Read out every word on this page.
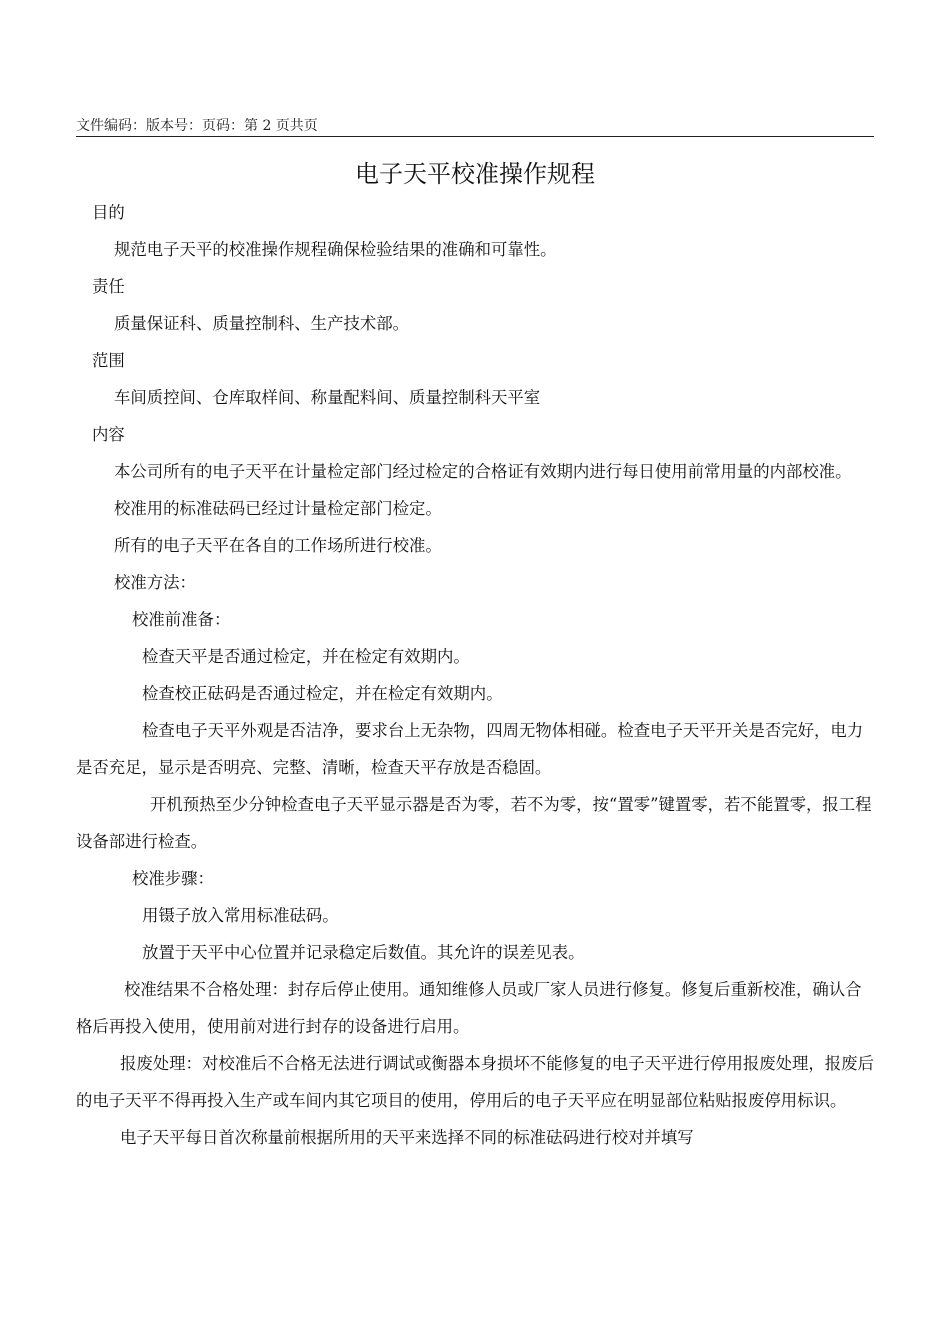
文件编码：版本号：页码：第 2 页共页
电子天平校准操作规程

目的

规范电子天平的校准操作规程确保检验结果的准确和可靠性。

责任

质量保证科、质量控制科、生产技术部。

范围

车间质控间、仓库取样间、称量配料间、质量控制科天平室

内容

本公司所有的电子天平在计量检定部门经过检定的合格证有效期内进行每日使用前常用量的内部校准。

校准用的标准砝码已经过计量检定部门检定。

所有的电子天平在各自的工作场所进行校准。

校准方法：

校准前准备：

检查天平是否通过检定，并在检定有效期内。

检查校正砝码是否通过检定，并在检定有效期内。

检查电子天平外观是否洁净，要求台上无杂物，四周无物体相碰。检查电子天平开关是否完好，电力是否充足，显示是否明亮、完整、清晰，检查天平存放是否稳固。

开机预热至少分钟检查电子天平显示器是否为零，若不为零，按“置零”键置零，若不能置零，报工程设备部进行检查。

校准步骤：

用镊子放入常用标准砝码。

放置于天平中心位置并记录稳定后数值。其允许的误差见表。

校准结果不合格处理：封存后停止使用。通知维修人员或厂家人员进行修复。修复后重新校准，确认合格后再投入使用，使用前对进行封存的设备进行启用。

报废处理：对校准后不合格无法进行调试或衡器本身损坏不能修复的电子天平进行停用报废处理，报废后的电子天平不得再投入生产或车间内其它项目的使用，停用后的电子天平应在明显部位粘贴报废停用标识。

电子天平每日首次称量前根据所用的天平来选择不同的标准砝码进行校对并填写
